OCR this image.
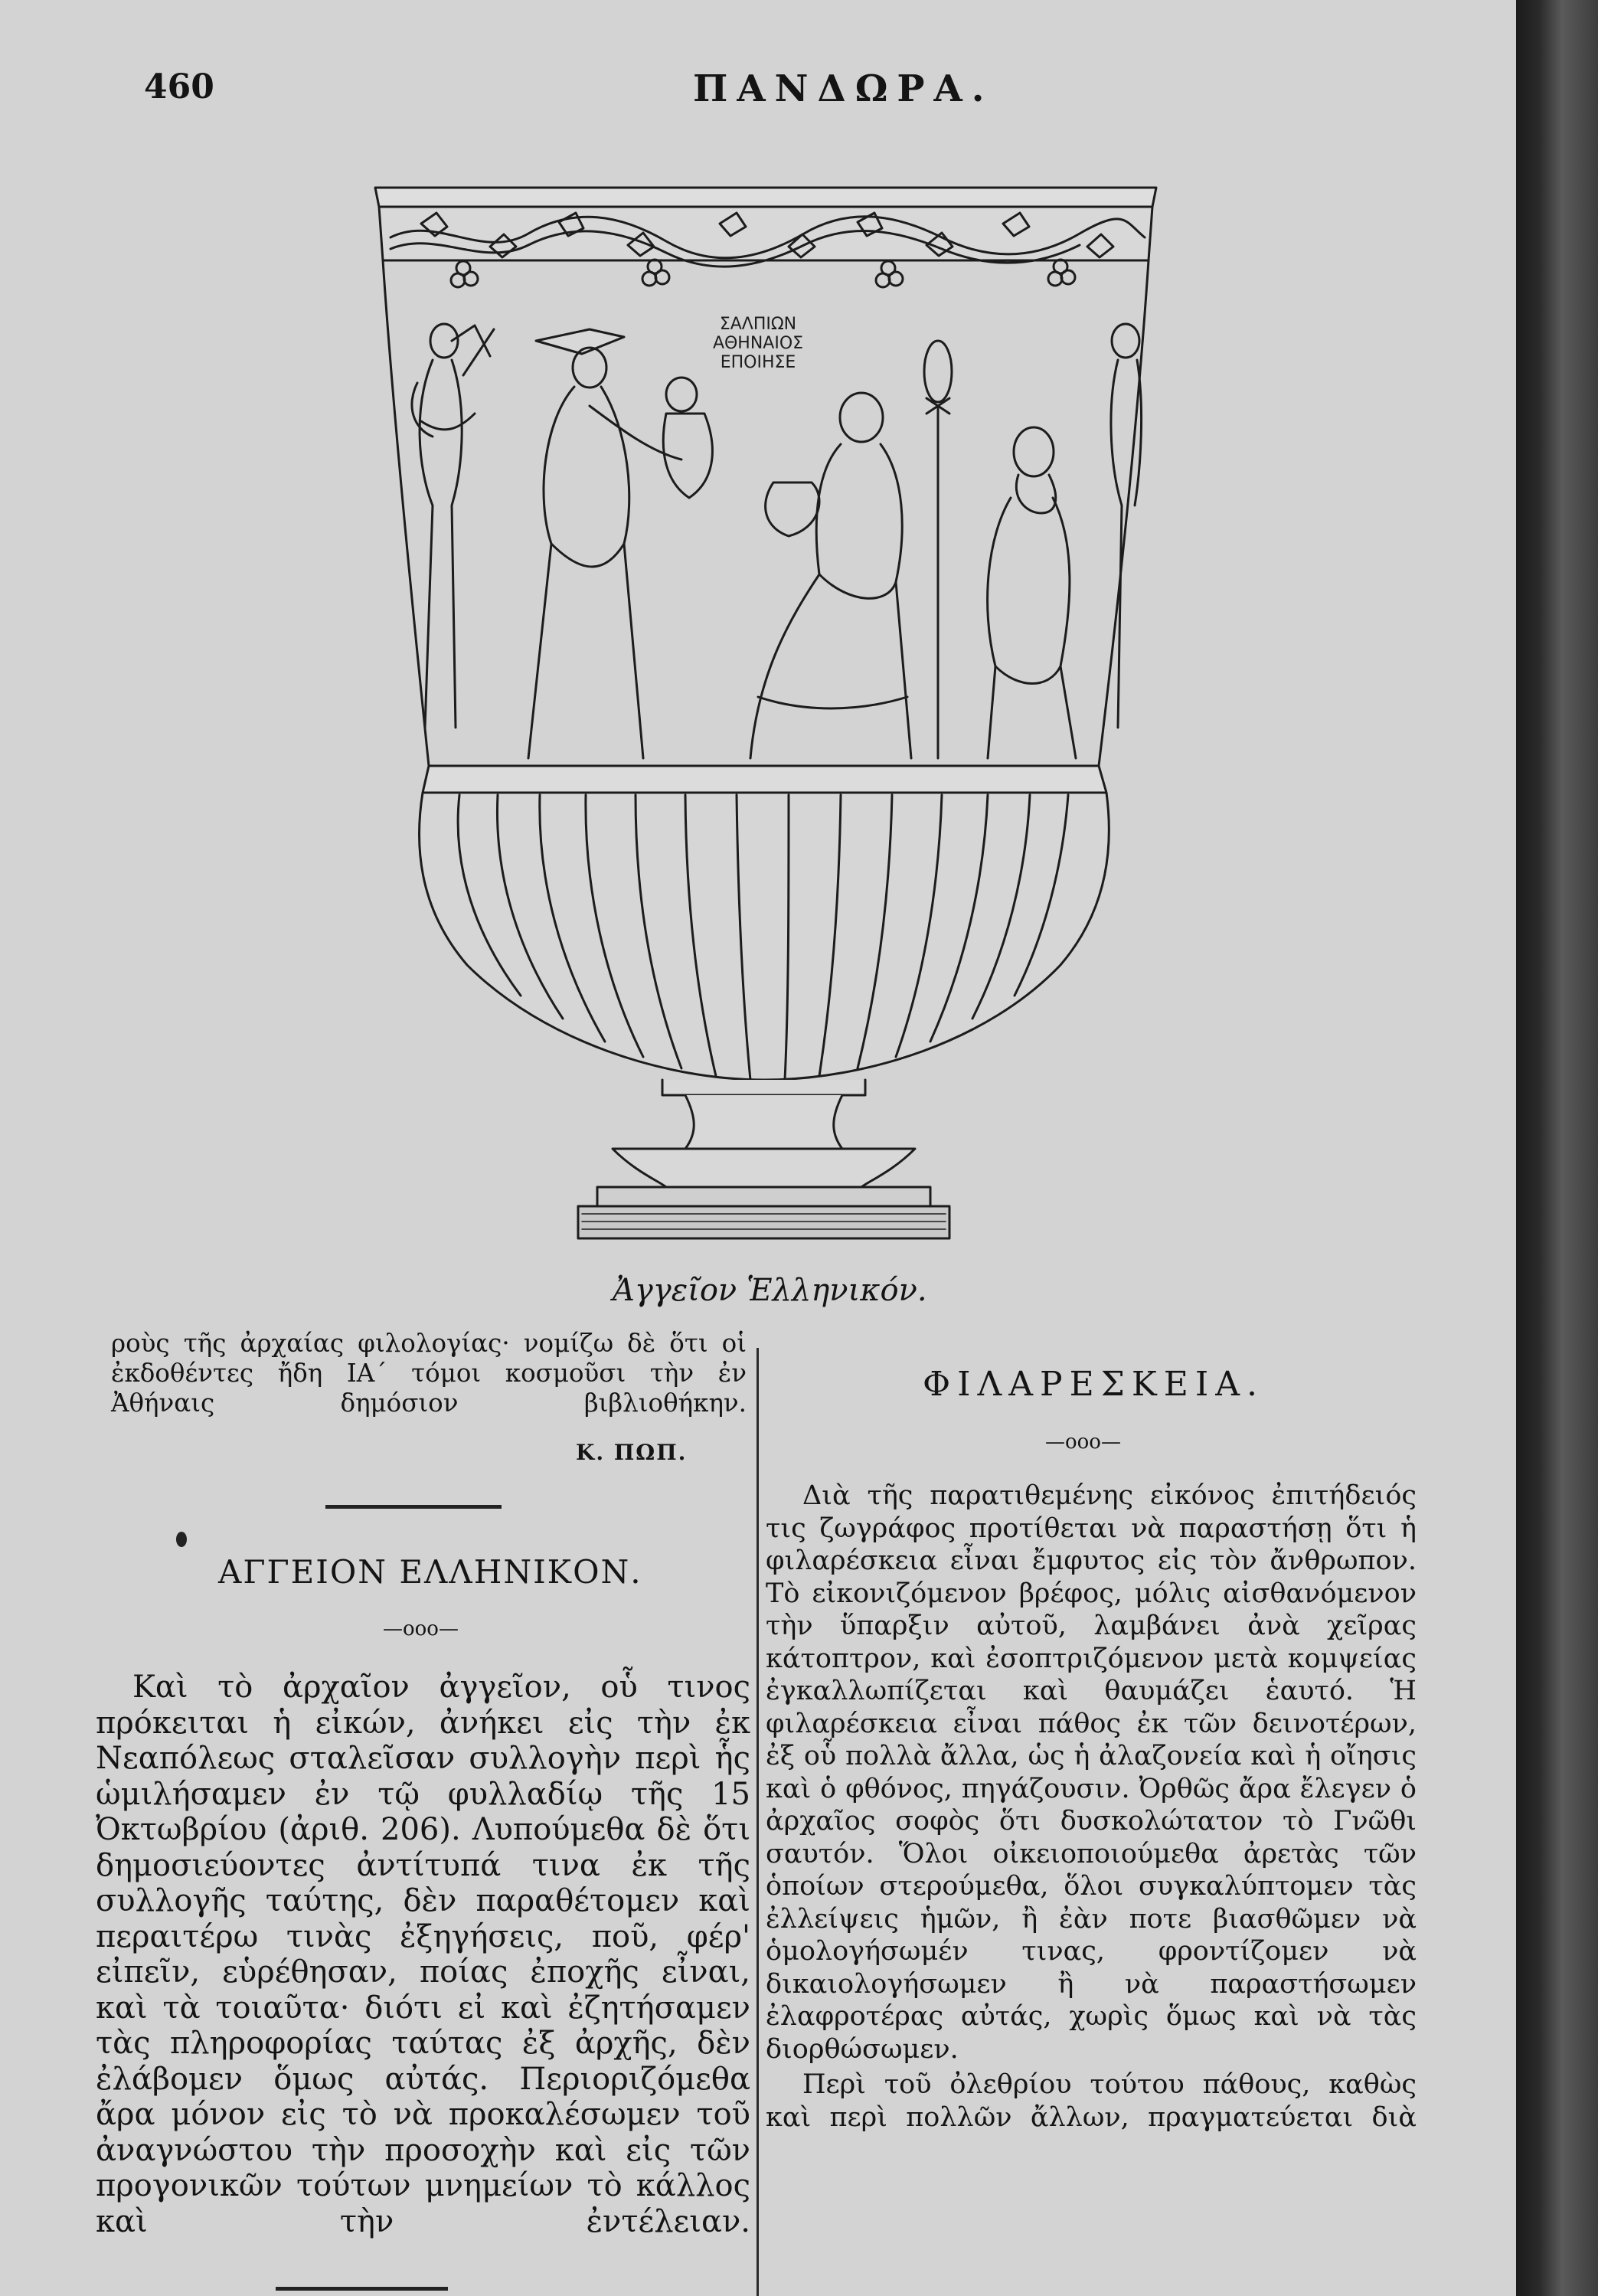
460	ΠΑΝΔΩΡΑ.
ΣΑΛΠΙΩΝ
ΑΘΗΝΑΙΟΣ
ΕΠΟΙΗΣΕ
Ἀγγεῖον Ἑλληνικόν.

ροὺς τῆς ἀρχαίας φιλολογίας· νομίζω δὲ ὅτι οἱ ἐκδοθέντες ἤδη ΙΑ΄ τόμοι κοσμοῦσι τὴν ἐν Ἀθήναις δημόσιον βιβλιοθήκην.

Κ. ΠΩΠ.
ΑΓΓΕΙΟΝ ΕΛΛΗΝΙΚΟΝ.
—οοο—

Καὶ τὸ ἀρχαῖον ἀγγεῖον, οὗ τινος πρόκειται ἡ εἰκών, ἀνήκει εἰς τὴν ἐκ Νεαπόλεως σταλεῖσαν συλλογὴν περὶ ἧς ὡμιλήσαμεν ἐν τῷ φυλλαδίῳ τῆς 15 Ὀκτωβρίου (ἀριθ. 206). Λυπούμεθα δὲ ὅτι δημοσιεύοντες ἀντίτυπά τινα ἐκ τῆς συλλογῆς ταύτης, δὲν παραθέτομεν καὶ περαιτέρω τινὰς ἐξηγήσεις, ποῦ, φέρ' εἰπεῖν, εὑρέθησαν, ποίας ἐποχῆς εἶναι, καὶ τὰ τοιαῦτα· διότι εἰ καὶ ἐζητήσαμεν τὰς πληροφορίας ταύτας ἐξ ἀρχῆς, δὲν ἐλάβομεν ὅμως αὐτάς. Περιοριζόμεθα ἄρα μόνον εἰς τὸ νὰ προκαλέσωμεν τοῦ ἀναγνώστου τὴν προσοχὴν καὶ εἰς τῶν προγονικῶν τούτων μνημείων τὸ κάλλος καὶ τὴν ἐντέλειαν.

ΦΙΛΑΡΕΣΚΕΙΑ.
—οοο—

Διὰ τῆς παρατιθεμένης εἰκόνος ἐπιτήδειός τις ζωγράφος προτίθεται νὰ παραστήσῃ ὅτι ἡ φιλαρέσκεια εἶναι ἔμφυτος εἰς τὸν ἄνθρωπον. Τὸ εἰκονιζόμενον βρέφος, μόλις αἰσθανόμενον τὴν ὕπαρξιν αὐτοῦ, λαμβάνει ἀνὰ χεῖρας κάτοπτρον, καὶ ἐσοπτριζόμενον μετὰ κομψείας ἐγκαλλωπίζεται καὶ θαυμάζει ἑαυτό. Ἡ φιλαρέσκεια εἶναι πάθος ἐκ τῶν δεινοτέρων, ἐξ οὗ πολλὰ ἄλλα, ὡς ἡ ἀλαζονεία καὶ ἡ οἴησις καὶ ὁ φθόνος, πηγάζουσιν. Ὀρθῶς ἄρα ἔλεγεν ὁ ἀρχαῖος σοφὸς ὅτι δυσκολώτατον τὸ Γνῶθι σαυτόν. Ὅλοι οἰκειοποιούμεθα ἀρετὰς τῶν ὁποίων στερούμεθα, ὅλοι συγκαλύπτομεν τὰς ἐλλείψεις ἡμῶν, ἢ ἐὰν ποτε βιασθῶμεν νὰ ὁμολογήσωμέν τινας, φροντίζομεν νὰ δικαιολογήσωμεν ἢ νὰ παραστήσωμεν ἐλαφροτέρας αὐτάς, χωρὶς ὅμως καὶ νὰ τὰς διορθώσωμεν.

Περὶ τοῦ ὀλεθρίου τούτου πάθους, καθὼς καὶ περὶ πολλῶν ἄλλων, πραγματεύεται διὰ
